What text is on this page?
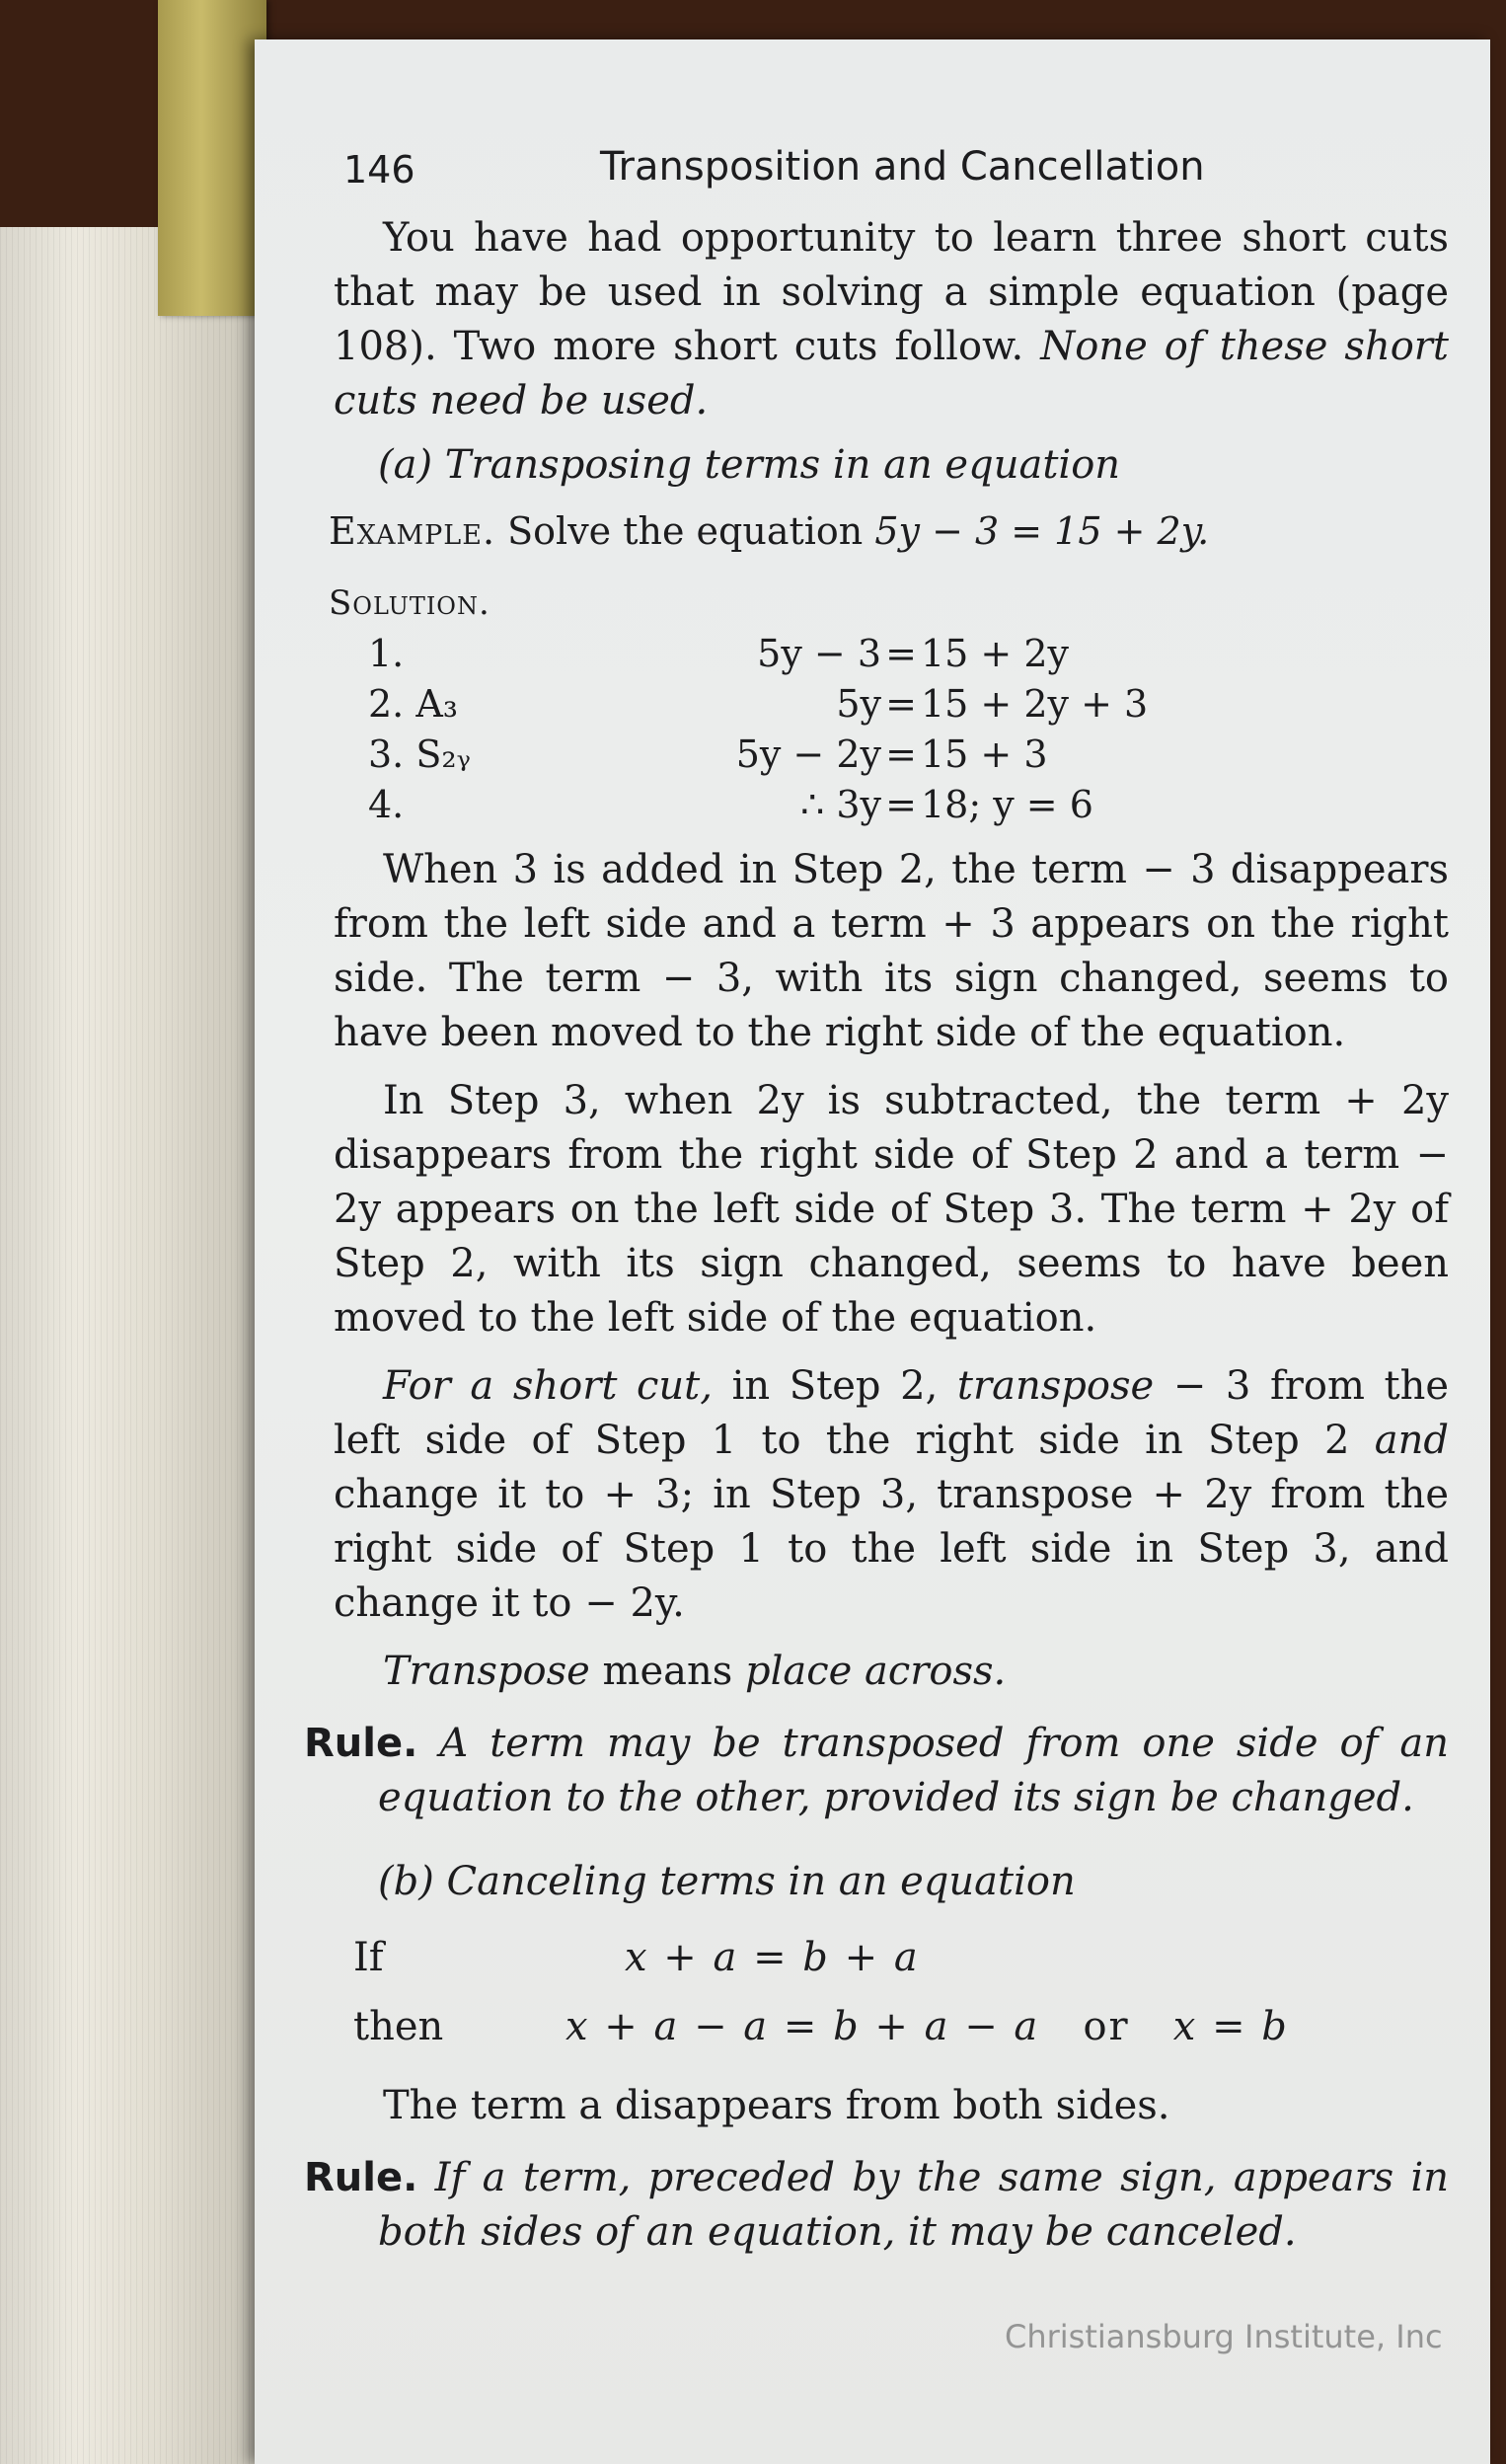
146	Transposition and Cancellation

You have had opportunity to learn three short cuts that may be used in solving a simple equation (page 108). Two more short cuts follow. None of these short cuts need be used.

(a) Transposing terms in an equation

Example. Solve the equation 5y − 3 = 15 + 2y.

Solution.

1.	5y − 3	=	15 + 2y
2. A₃	5y	=	15 + 2y + 3
3. S₂ᵧ	5y − 2y	=	15 + 3
4.	∴ 3y	=	18; y = 6

When 3 is added in Step 2, the term − 3 disappears from the left side and a term + 3 appears on the right side. The term − 3, with its sign changed, seems to have been moved to the right side of the equation.

In Step 3, when 2y is subtracted, the term + 2y disappears from the right side of Step 2 and a term − 2y appears on the left side of Step 3. The term + 2y of Step 2, with its sign changed, seems to have been moved to the left side of the equation.

For a short cut, in Step 2, transpose − 3 from the left side of Step 1 to the right side in Step 2 and change it to + 3; in Step 3, transpose + 2y from the right side of Step 1 to the left side in Step 3, and change it to − 2y.

Transpose means place across.

Rule. A term may be transposed from one side of an equation to the other, provided its sign be changed.

(b) Canceling terms in an equation

If	x + a = b + a
then	x + a − a = b + a − a or x = b

The term a disappears from both sides.

Rule. If a term, preceded by the same sign, appears in both sides of an equation, it may be canceled.

Christiansburg Institute, Inc
